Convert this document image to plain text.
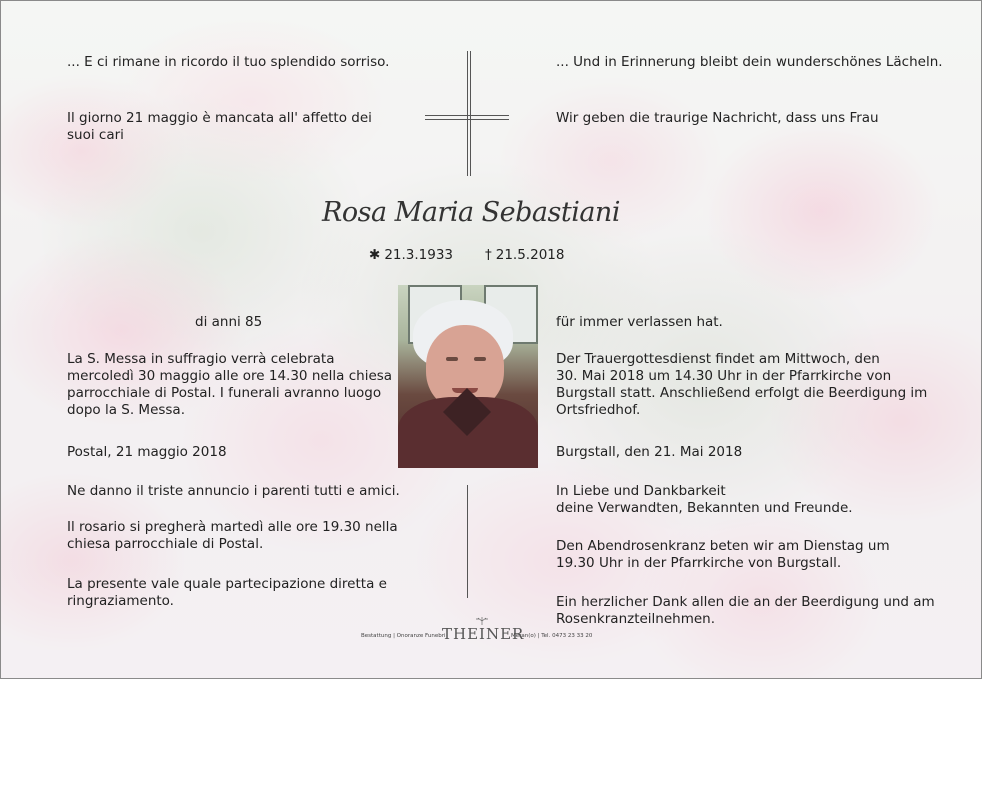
... E ci rimane in ricordo il tuo splendido sorriso.
Il giorno 21 maggio è mancata all' affetto dei
suoi cari
di anni 85
La S. Messa in suffragio verrà celebrata
mercoledì 30 maggio alle ore 14.30 nella chiesa
parrocchiale di Postal. I funerali avranno luogo
dopo la S. Messa.
Postal, 21 maggio 2018
Ne danno il triste annuncio i parenti tutti e amici.
Il rosario si pregherà martedì alle ore 19.30 nella
chiesa parrocchiale di Postal.
La presente vale quale partecipazione diretta e
ringraziamento.
... Und in Erinnerung bleibt dein wunderschönes Lächeln.
Wir geben die traurige Nachricht, dass uns Frau
für immer verlassen hat.
Der Trauergottesdienst findet am Mittwoch, den
30. Mai 2018 um 14.30 Uhr in der Pfarrkirche von
Burgstall statt. Anschließend erfolgt die Beerdigung im
Ortsfriedhof.
Burgstall, den 21. Mai 2018
In Liebe und Dankbarkeit
deine Verwandten, Bekannten und Freunde.
Den Abendrosenkranz beten wir am Dienstag um
19.30 Uhr in der Pfarrkirche von Burgstall.
Ein herzlicher Dank allen die an der Beerdigung und am
Rosenkranzteilnehmen.
Rosa Maria Sebastiani
✱ 21.3.1933 † 21.5.2018
Bestattung | Onoranze Funebri
THEINER
Meran(o) | Tel. 0473 23 33 20
